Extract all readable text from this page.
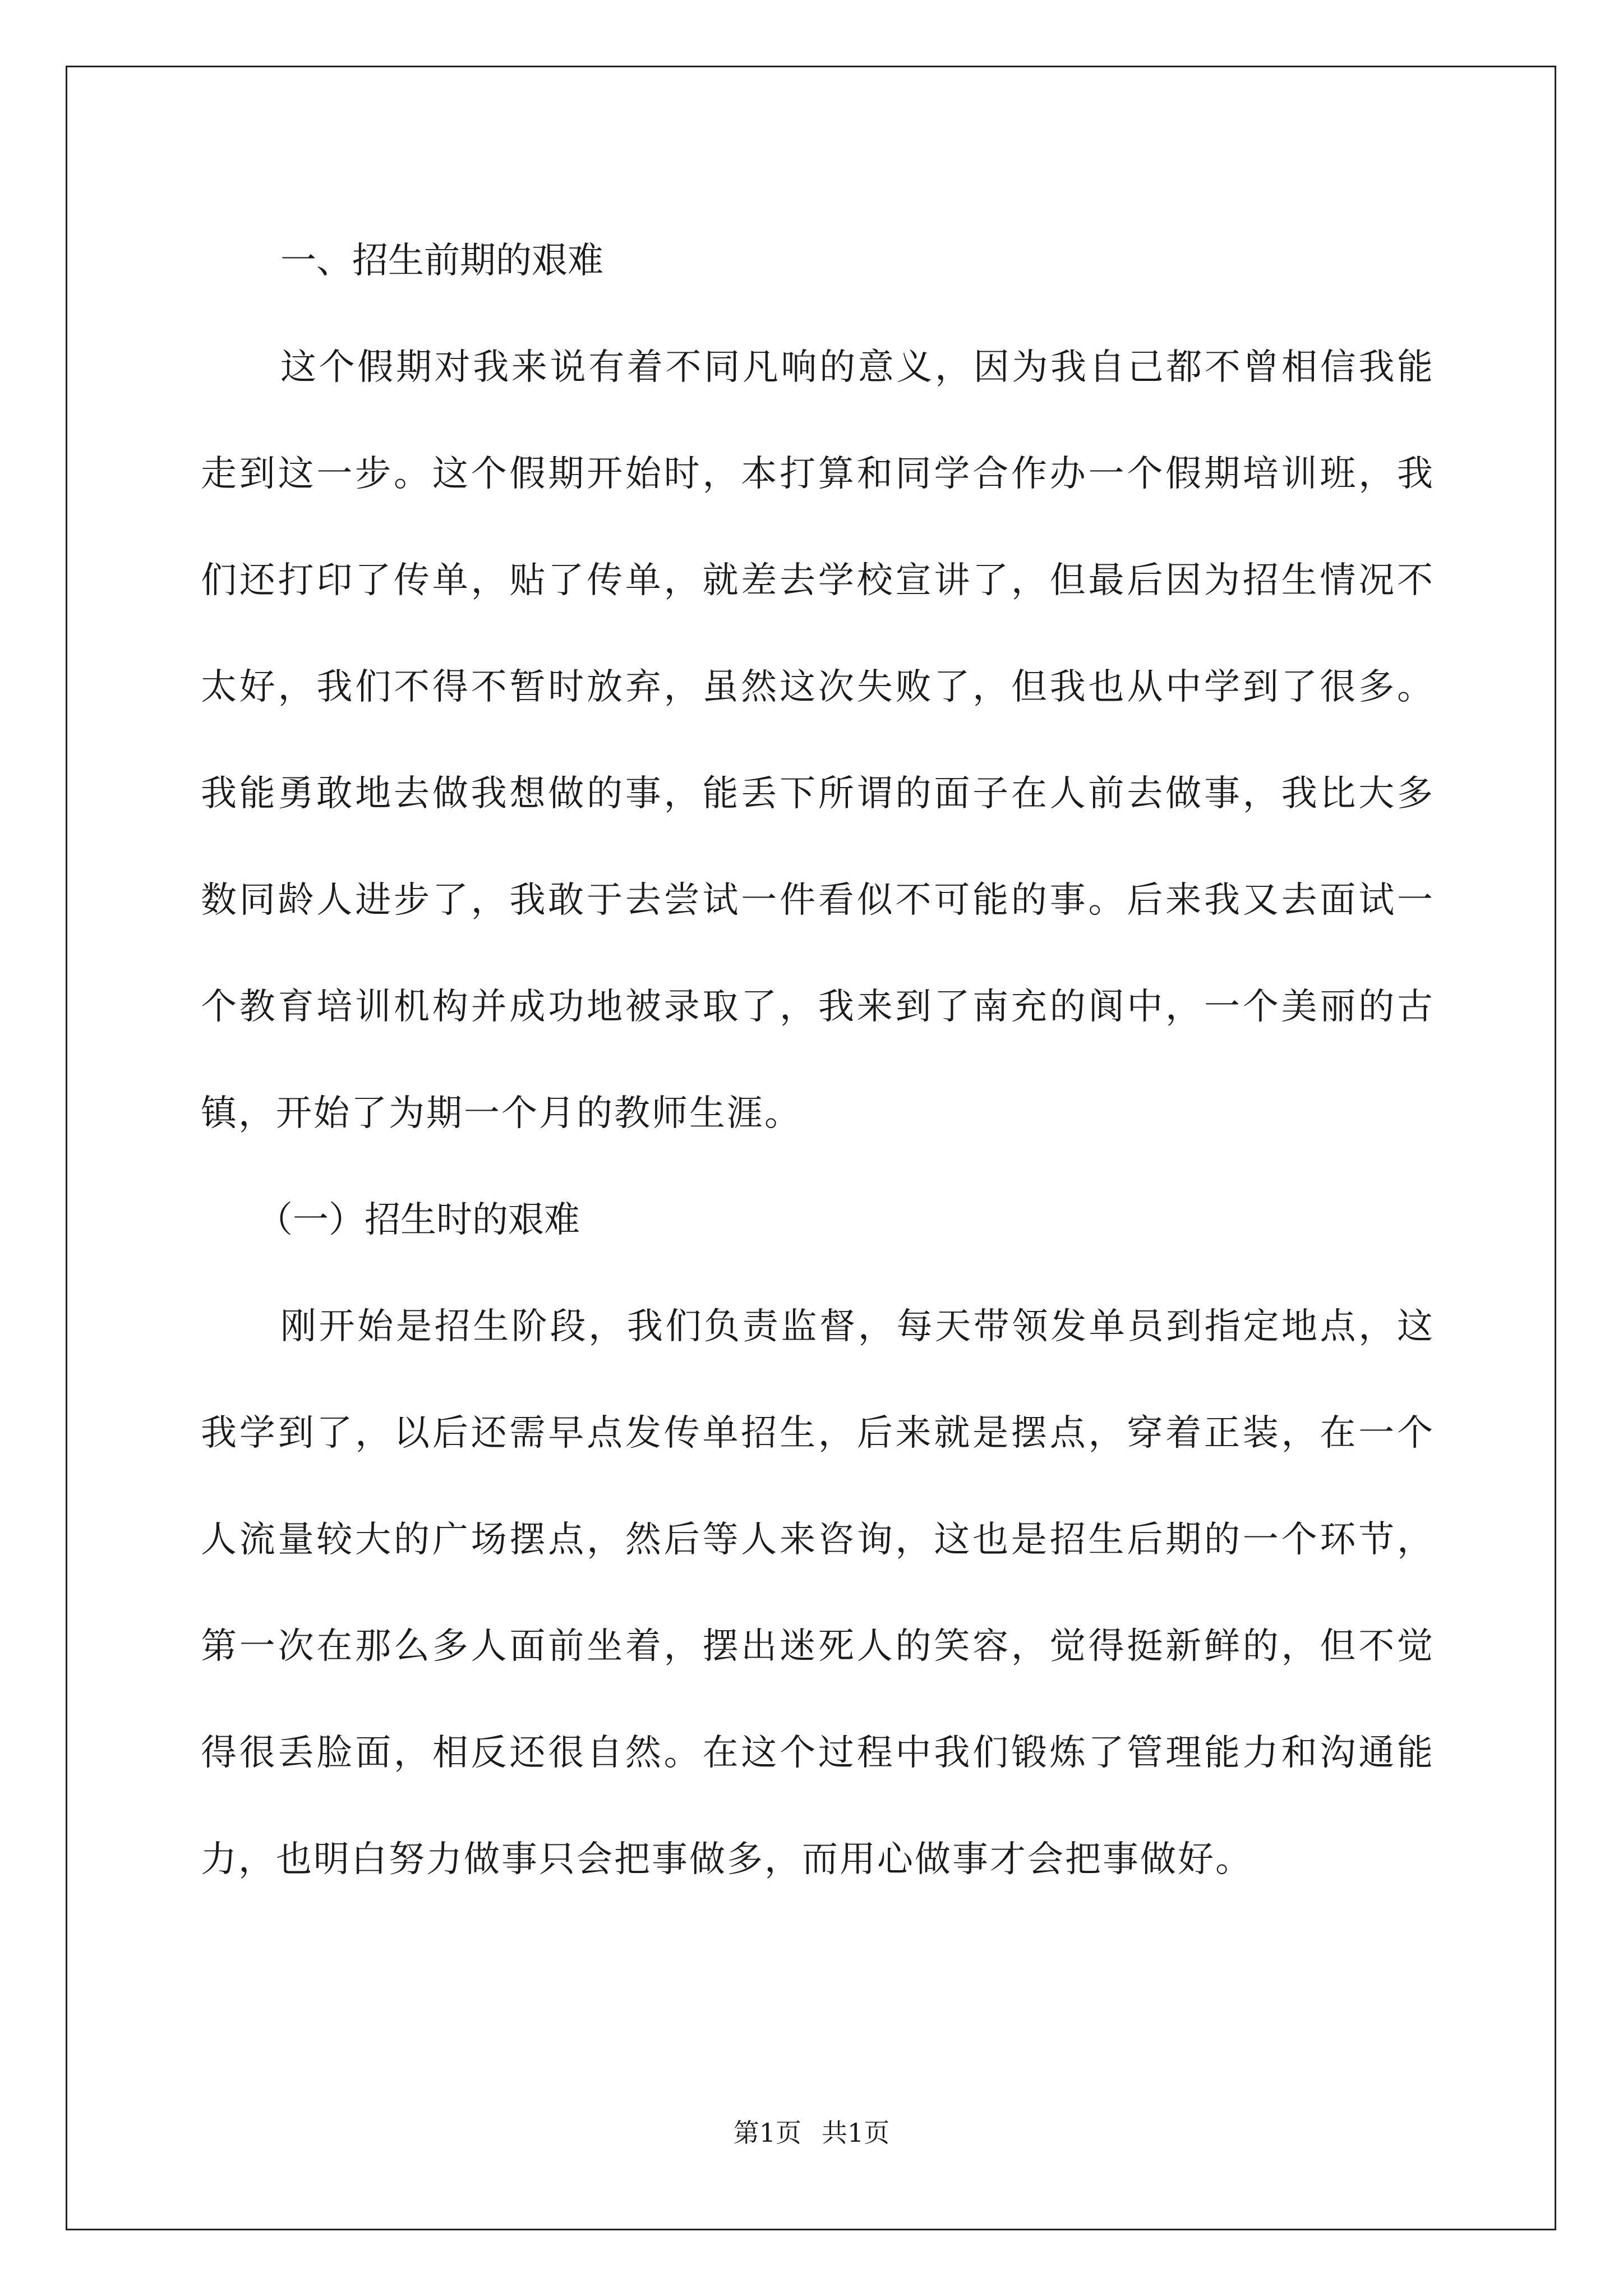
一、招生前期的艰难

这个假期对我来说有着不同凡响的意义，因为我自己都不曾相信我能走到这一步。这个假期开始时，本打算和同学合作办一个假期培训班，我们还打印了传单，贴了传单，就差去学校宣讲了，但最后因为招生情况不太好，我们不得不暂时放弃，虽然这次失败了，但我也从中学到了很多。我能勇敢地去做我想做的事，能丢下所谓的面子在人前去做事，我比大多数同龄人进步了，我敢于去尝试一件看似不可能的事。后来我又去面试一个教育培训机构并成功地被录取了，我来到了南充的阆中，一个美丽的古镇，开始了为期一个月的教师生涯。

（一）招生时的艰难

刚开始是招生阶段，我们负责监督，每天带领发单员到指定地点，这我学到了，以后还需早点发传单招生，后来就是摆点，穿着正装，在一个人流量较大的广场摆点，然后等人来咨询，这也是招生后期的一个环节，第一次在那么多人面前坐着，摆出迷死人的笑容，觉得挺新鲜的，但不觉得很丢脸面，相反还很自然。在这个过程中我们锻炼了管理能力和沟通能力，也明白努力做事只会把事做多，而用心做事才会把事做好。

第1页 共1页
